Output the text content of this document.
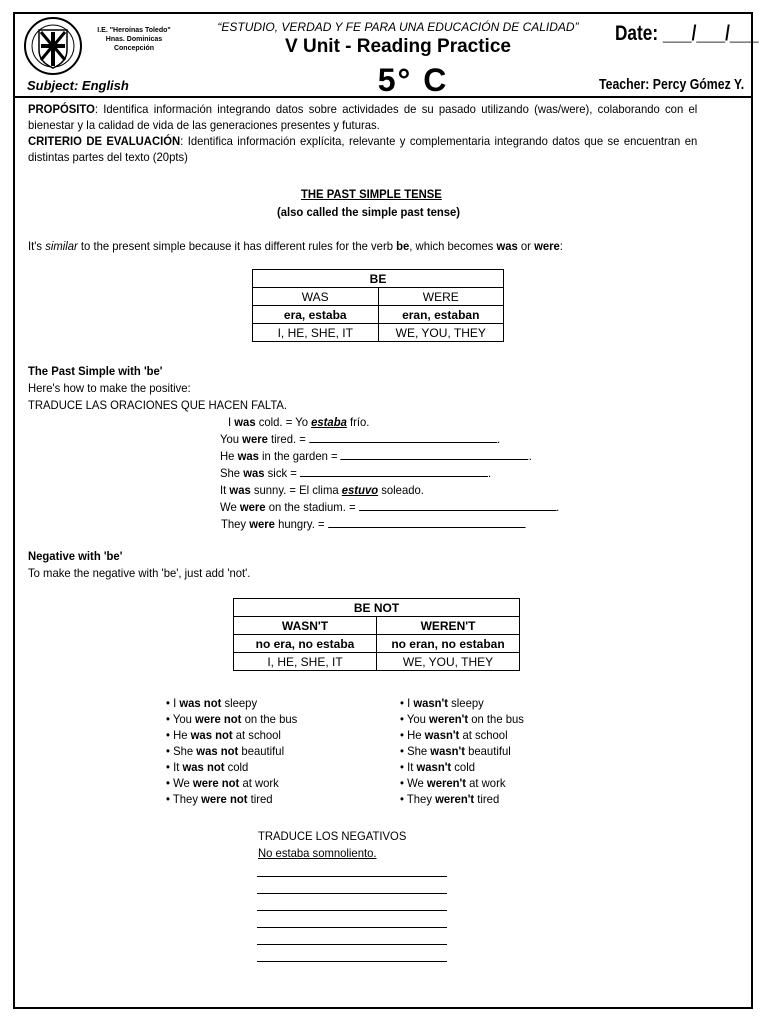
I.E. "Heroínas Toledo"
Hnas. Dominicas
Concepción
“ESTUDIO, VERDAD Y FE PARA UNA EDUCACIÓN DE CALIDAD”
V Unit - Reading Practice
Date: ___/___/___
Subject: English	5° C	Teacher: Percy Gómez Y.
PROPÓSITO: Identifica información integrando datos sobre actividades de su pasado utilizando (was/were), colaborando con el bienestar y la calidad de vida de las generaciones presentes y futuras.
CRITERIO DE EVALUACIÓN: Identifica información explícita, relevante y complementaria integrando datos que se encuentran en distintas partes del texto (20pts)
THE PAST SIMPLE TENSE
(also called the simple past tense)
It's similar to the present simple because it has different rules for the verb be, which becomes was or were:
BE	
WAS	WERE
era, estaba	eran, estaban
I, HE, SHE, IT	WE, YOU, THEY
The Past Simple with 'be'
Here's how to make the positive:
TRADUCE LAS ORACIONES QUE HACEN FALTA.
I was cold. = Yo estaba frío.
You were tired. =	.
He was in the garden =	.
She was sick =	.
It was sunny. = El clima estuvo soleado.
We were on the stadium. =	.
They were hungry. =
Negative with 'be'
To make the negative with 'be', just add 'not'.
BE NOT	
WASN'T	WEREN'T
no era, no estaba	no eran, no estaban
I, HE, SHE, IT	WE, YOU, THEY
• I was not sleepy
• You were not on the bus
• He was not at school
• She was not beautiful
• It was not cold
• We were not at work
• They were not tired
• I wasn't sleepy
• You weren't on the bus
• He wasn't at school
• She wasn't beautiful
• It wasn't cold
• We weren't at work
• They weren't tired
TRADUCE LOS NEGATIVOS
No estaba somnoliento.
